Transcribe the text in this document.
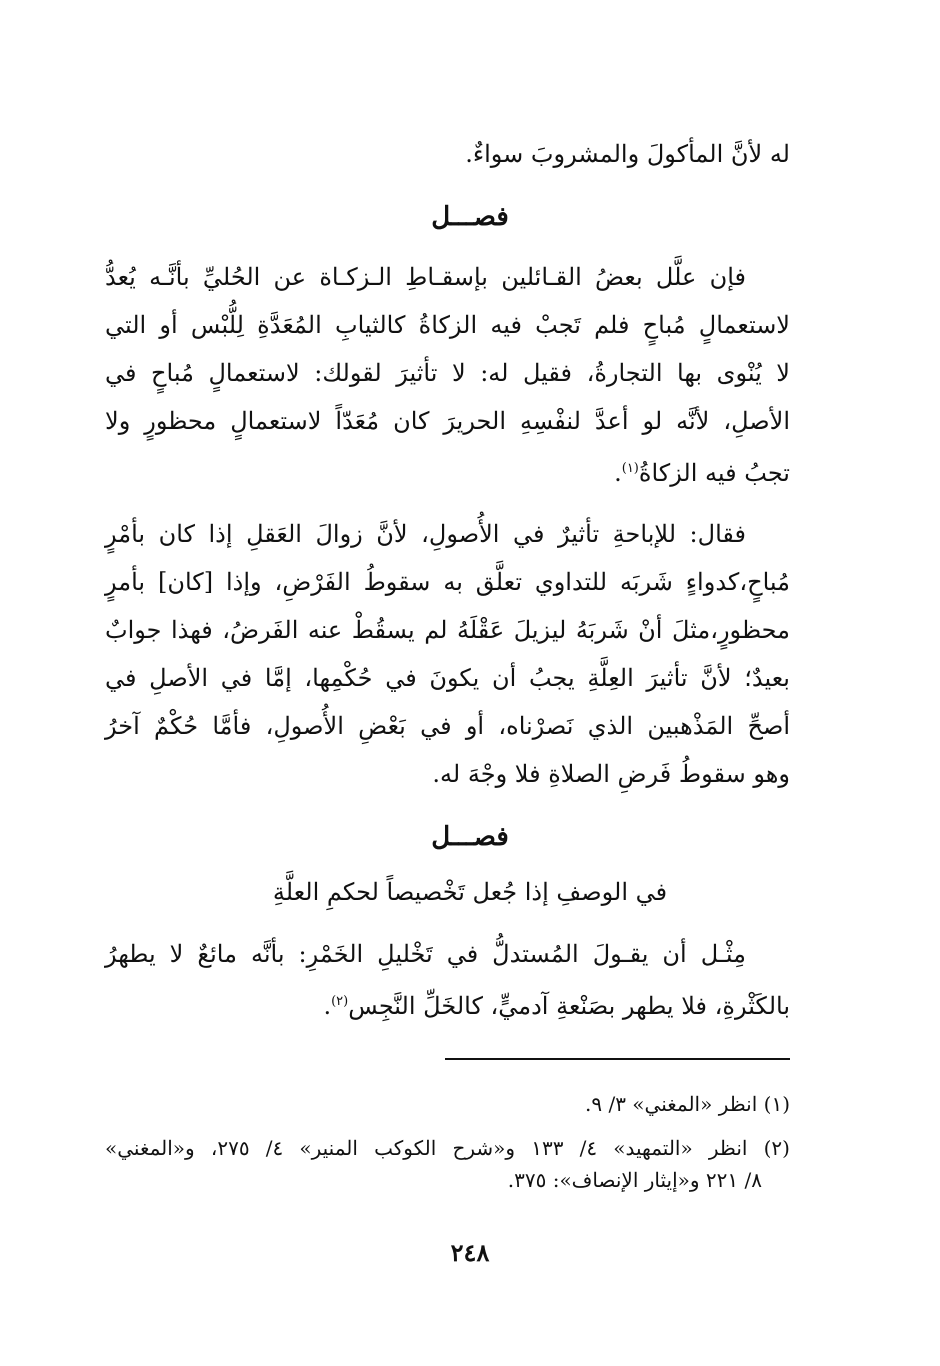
له لأنَّ المأكولَ والمشروبَ سواءٌ.
فصـــل
فإن علَّل بعضُ القـائلين بإسقـاطِ الـزكـاة عن الحُليِّ بأنَّـه يُعدُّ
لاستعمالٍ مُباحٍ فلم تَجبْ فيه الزكاةُ كالثيابِ المُعَدَّةِ لِلُّبْس أو التي
لا يُنْوى بها التجارةُ، فقيل له: لا تأثيرَ لقولك: لاستعمالٍ مُباحٍ في
الأصلِ، لأنَّه لو أعدَّ لنفْسِهِ الحريرَ كان مُعَدّاً لاستعمالٍ محظورٍ ولا
تجبُ فيه الزكاةُ$^{(١)}$.
فقال: للإباحةِ تأثيرٌ في الأُصولِ، لأنَّ زوالَ العَقلِ إذا كان بأمْرٍ
مُباحٍ،كدواءٍ شَربَه للتداوي تعلَّق به سقوطُ الفَرْضِ، وإذا [كان] بأمرٍ
محظورٍ،مثلَ أنْ شَربَهُ ليزيلَ عَقْلَهُ لم يسقُطْ عنه الفَرضُ، فهذا جوابٌ
بعيدٌ؛ لأنَّ تأثيرَ العِلَّةِ يجبُ أن يكونَ في حُكْمِها، إمَّا في الأصلِ في
أصحِّ المَذْهبين الذي نَصرْناه، أو في بَعْضِ الأُصولِ، فأمَّا حُكْمٌ آخرُ
وهو سقوطُ فَرضِ الصلاةِ فلا وجْهَ له.
فصـــل
في الوصفِ إذا جُعل تَخْصيصاً لحكمِ العلَّةِ
مِثْـل أن يقـولَ المُستدلُّ في تَخْليلِ الخَمْرِ: بأنَّه مائعٌ لا يطهرُ
بالكَثْرةِ، فلا يطهر بصَنْعةِ آدميٍّ، كالخَلِّ النَّجِس$^{(٢)}$.
(١) انظر «المغني» ٣/ ٩.
(٢) انظر «التمهيد» ٤/ ١٣٣ و«شرح الكوكب المنير» ٤/ ٢٧٥، و«المغني»
٨/ ٢٢١ و«إيثار الإنصاف»: ٣٧٥.
٢٤٨
